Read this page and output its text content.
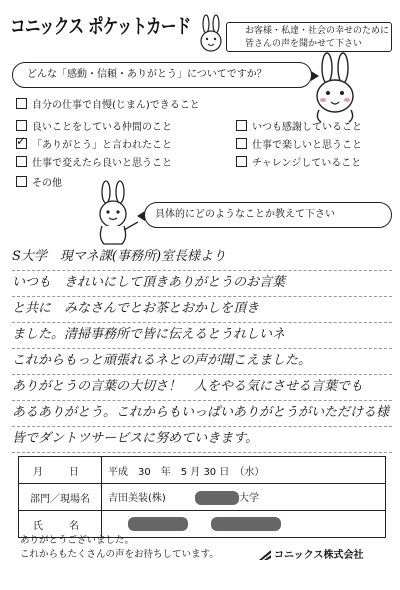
コニックス ポケットカード	お客様・私達・社会の幸せのために
皆さんの声を聞かせて下さい
どんな「感動・信頼・ありがとう」についてですか？
自分の仕事で自慢(じまん)できること
良いことをしている仲間のこと	いつも感謝していること
✓「ありがとう」と言われたこと	仕事で楽しいと思うこと
仕事で変えたら良いと思うこと	チャレンジしていること
その他
具体的にどのようなことか教えて下さい
S大学　現マネ課(事務所)室長様より
いつも　きれいにして頂きありがとうのお言葉
と共に　みなさんでとお茶とおかしを頂き
ました。清掃事務所で皆に伝えるとうれしいネ
これからもっと頑張れるネとの声が聞こえました。
ありがとうの言葉の大切さ！　人をやる気にさせる言葉でも
あるありがとう。これからもいっぱいありがとうがいただける様
皆でダントツサービスに努めていきます。
月　日	平成　30　年　5 月 30 日　（水）
部門／現場名	吉田美装(株) 大学
氏　名	
ありがとうございました。
これからもたくさんの声をお待ちしています。	コニックス株式会社
